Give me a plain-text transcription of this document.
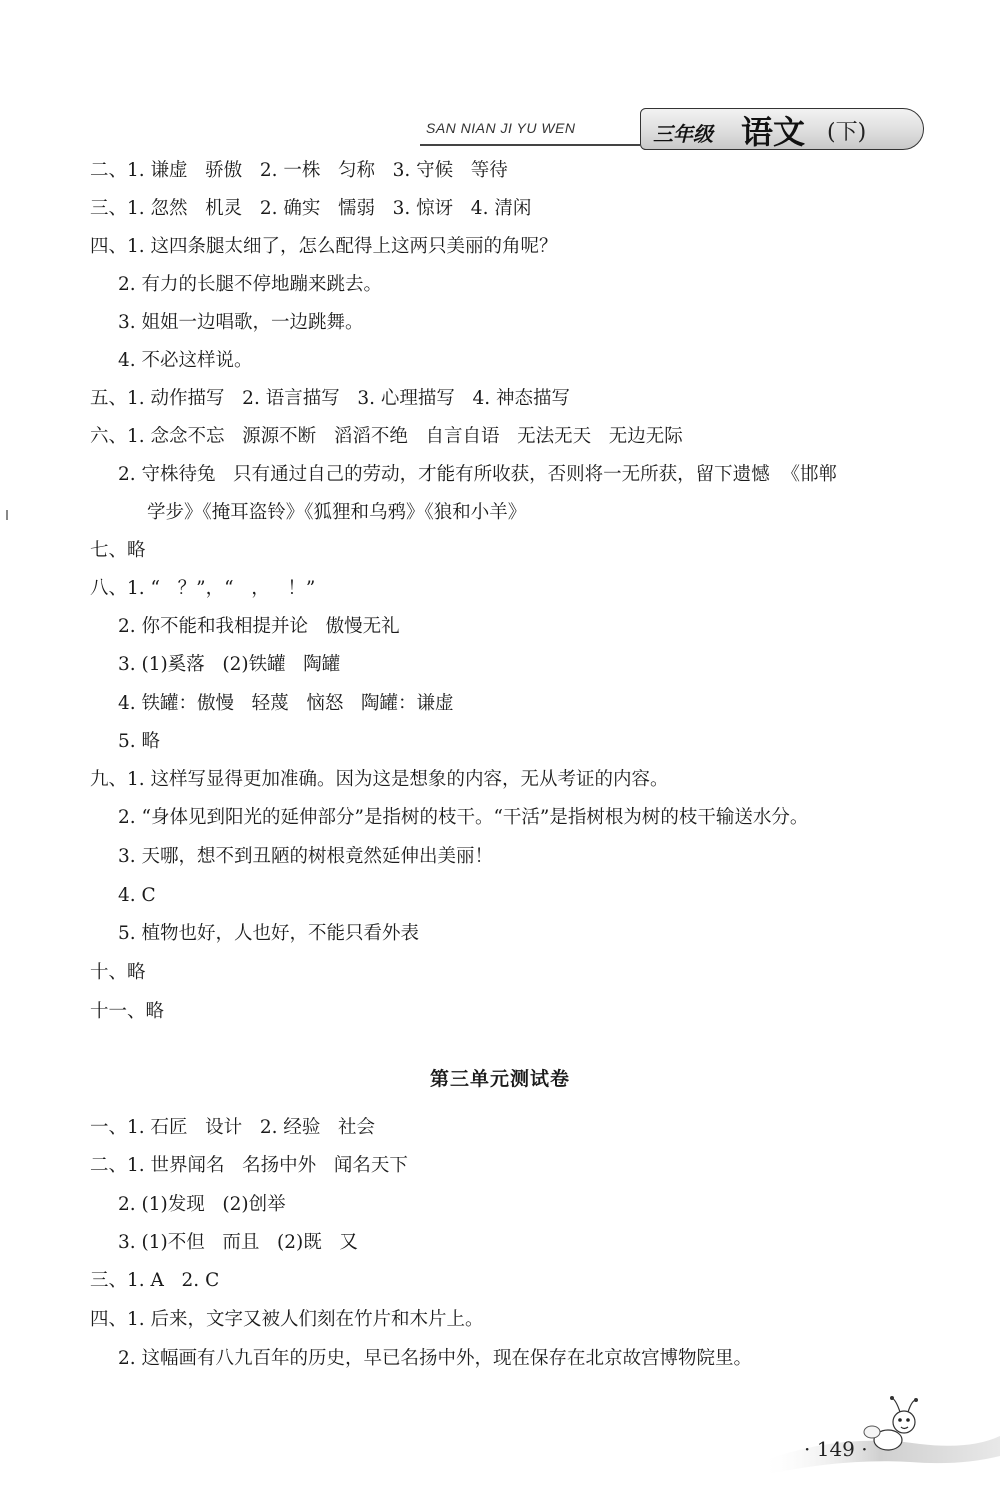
SAN NIAN JI YU WEN	三年级 语文 (下)
二、1. 谦虚   骄傲   2. 一株   匀称   3. 守候   等待
三、1. 忽然   机灵   2. 确实   懦弱   3. 惊讶   4. 清闲
四、1. 这四条腿太细了，怎么配得上这两只美丽的角呢？
2. 有力的长腿不停地蹦来跳去。
3. 姐姐一边唱歌，一边跳舞。
4. 不必这样说。
五、1. 动作描写   2. 语言描写   3. 心理描写   4. 神态描写
六、1. 念念不忘   源源不断   滔滔不绝   自言自语   无法无天   无边无际
2. 守株待兔   只有通过自己的劳动，才能有所收获，否则将一无所获，留下遗憾  《邯郸
学步》《掩耳盗铃》《狐狸和乌鸦》《狼和小羊》
七、略
八、1. “   ？”，“   ，   ！”
2. 你不能和我相提并论   傲慢无礼
3. (1)奚落   (2)铁罐   陶罐
4. 铁罐：傲慢   轻蔑   恼怒   陶罐：谦虚
5. 略
九、1. 这样写显得更加准确。因为这是想象的内容，无从考证的内容。
2. “身体见到阳光的延伸部分”是指树的枝干。“干活”是指树根为树的枝干输送水分。
3. 天哪，想不到丑陋的树根竟然延伸出美丽！
4. C
5. 植物也好，人也好，不能只看外表
十、略
十一、略
第三单元测试卷
一、1. 石匠   设计   2. 经验   社会
二、1. 世界闻名   名扬中外   闻名天下
2. (1)发现   (2)创举
3. (1)不但   而且   (2)既   又
三、1. A   2. C
四、1. 后来，文字又被人们刻在竹片和木片上。
2. 这幅画有八九百年的历史，早已名扬中外，现在保存在北京故宫博物院里。
· 149 ·
